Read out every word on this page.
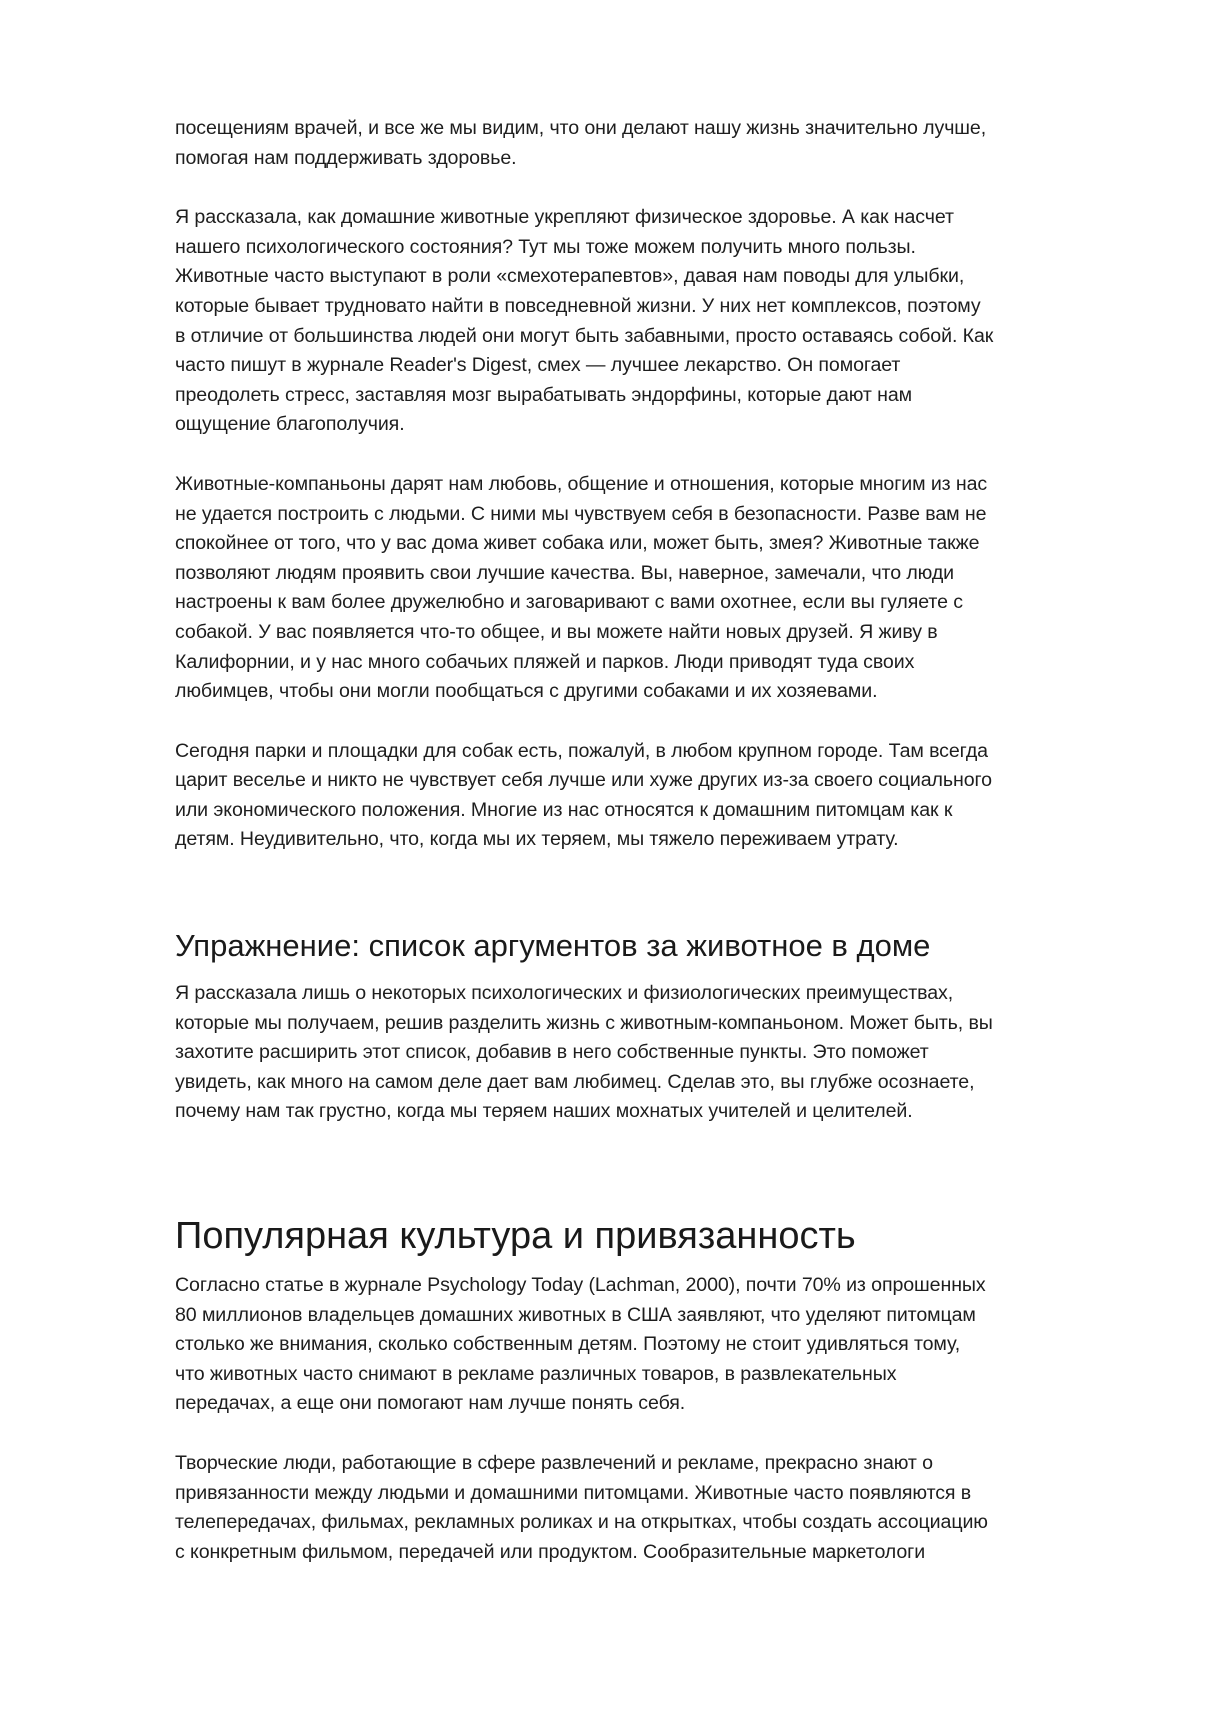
посещениям врачей, и все же мы видим, что они делают нашу жизнь значительно лучше,
помогая нам поддерживать здоровье.
Я рассказала, как домашние животные укрепляют физическое здоровье. А как насчет
нашего психологического состояния? Тут мы тоже можем получить много пользы.
Животные часто выступают в роли «смехотерапевтов», давая нам поводы для улыбки,
которые бывает трудновато найти в повседневной жизни. У них нет комплексов, поэтому
в отличие от большинства людей они могут быть забавными, просто оставаясь собой. Как
часто пишут в журнале Reader's Digest, смех — лучшее лекарство. Он помогает
преодолеть стресс, заставляя мозг вырабатывать эндорфины, которые дают нам
ощущение благополучия.
Животные-компаньоны дарят нам любовь, общение и отношения, которые многим из нас
не удается построить с людьми. С ними мы чувствуем себя в безопасности. Разве вам не
спокойнее от того, что у вас дома живет собака или, может быть, змея? Животные также
позволяют людям проявить свои лучшие качества. Вы, наверное, замечали, что люди
настроены к вам более дружелюбно и заговаривают с вами охотнее, если вы гуляете с
собакой. У вас появляется что-то общее, и вы можете найти новых друзей. Я живу в
Калифорнии, и у нас много собачьих пляжей и парков. Люди приводят туда своих
любимцев, чтобы они могли пообщаться с другими собаками и их хозяевами.
Сегодня парки и площадки для собак есть, пожалуй, в любом крупном городе. Там всегда
царит веселье и никто не чувствует себя лучше или хуже других из-за своего социального
или экономического положения. Многие из нас относятся к домашним питомцам как к
детям. Неудивительно, что, когда мы их теряем, мы тяжело переживаем утрату.
Упражнение: список аргументов за животное в доме
Я рассказала лишь о некоторых психологических и физиологических преимуществах,
которые мы получаем, решив разделить жизнь с животным-компаньоном. Может быть, вы
захотите расширить этот список, добавив в него собственные пункты. Это поможет
увидеть, как много на самом деле дает вам любимец. Сделав это, вы глубже осознаете,
почему нам так грустно, когда мы теряем наших мохнатых учителей и целителей.
Популярная культура и привязанность
Согласно статье в журнале Psychology Today (Lachman, 2000), почти 70% из опрошенных
80 миллионов владельцев домашних животных в США заявляют, что уделяют питомцам
столько же внимания, сколько собственным детям. Поэтому не стоит удивляться тому,
что животных часто снимают в рекламе различных товаров, в развлекательных
передачах, а еще они помогают нам лучше понять себя.
Творческие люди, работающие в сфере развлечений и рекламе, прекрасно знают о
привязанности между людьми и домашними питомцами. Животные часто появляются в
телепередачах, фильмах, рекламных роликах и на открытках, чтобы создать ассоциацию
с конкретным фильмом, передачей или продуктом. Сообразительные маркетологи
